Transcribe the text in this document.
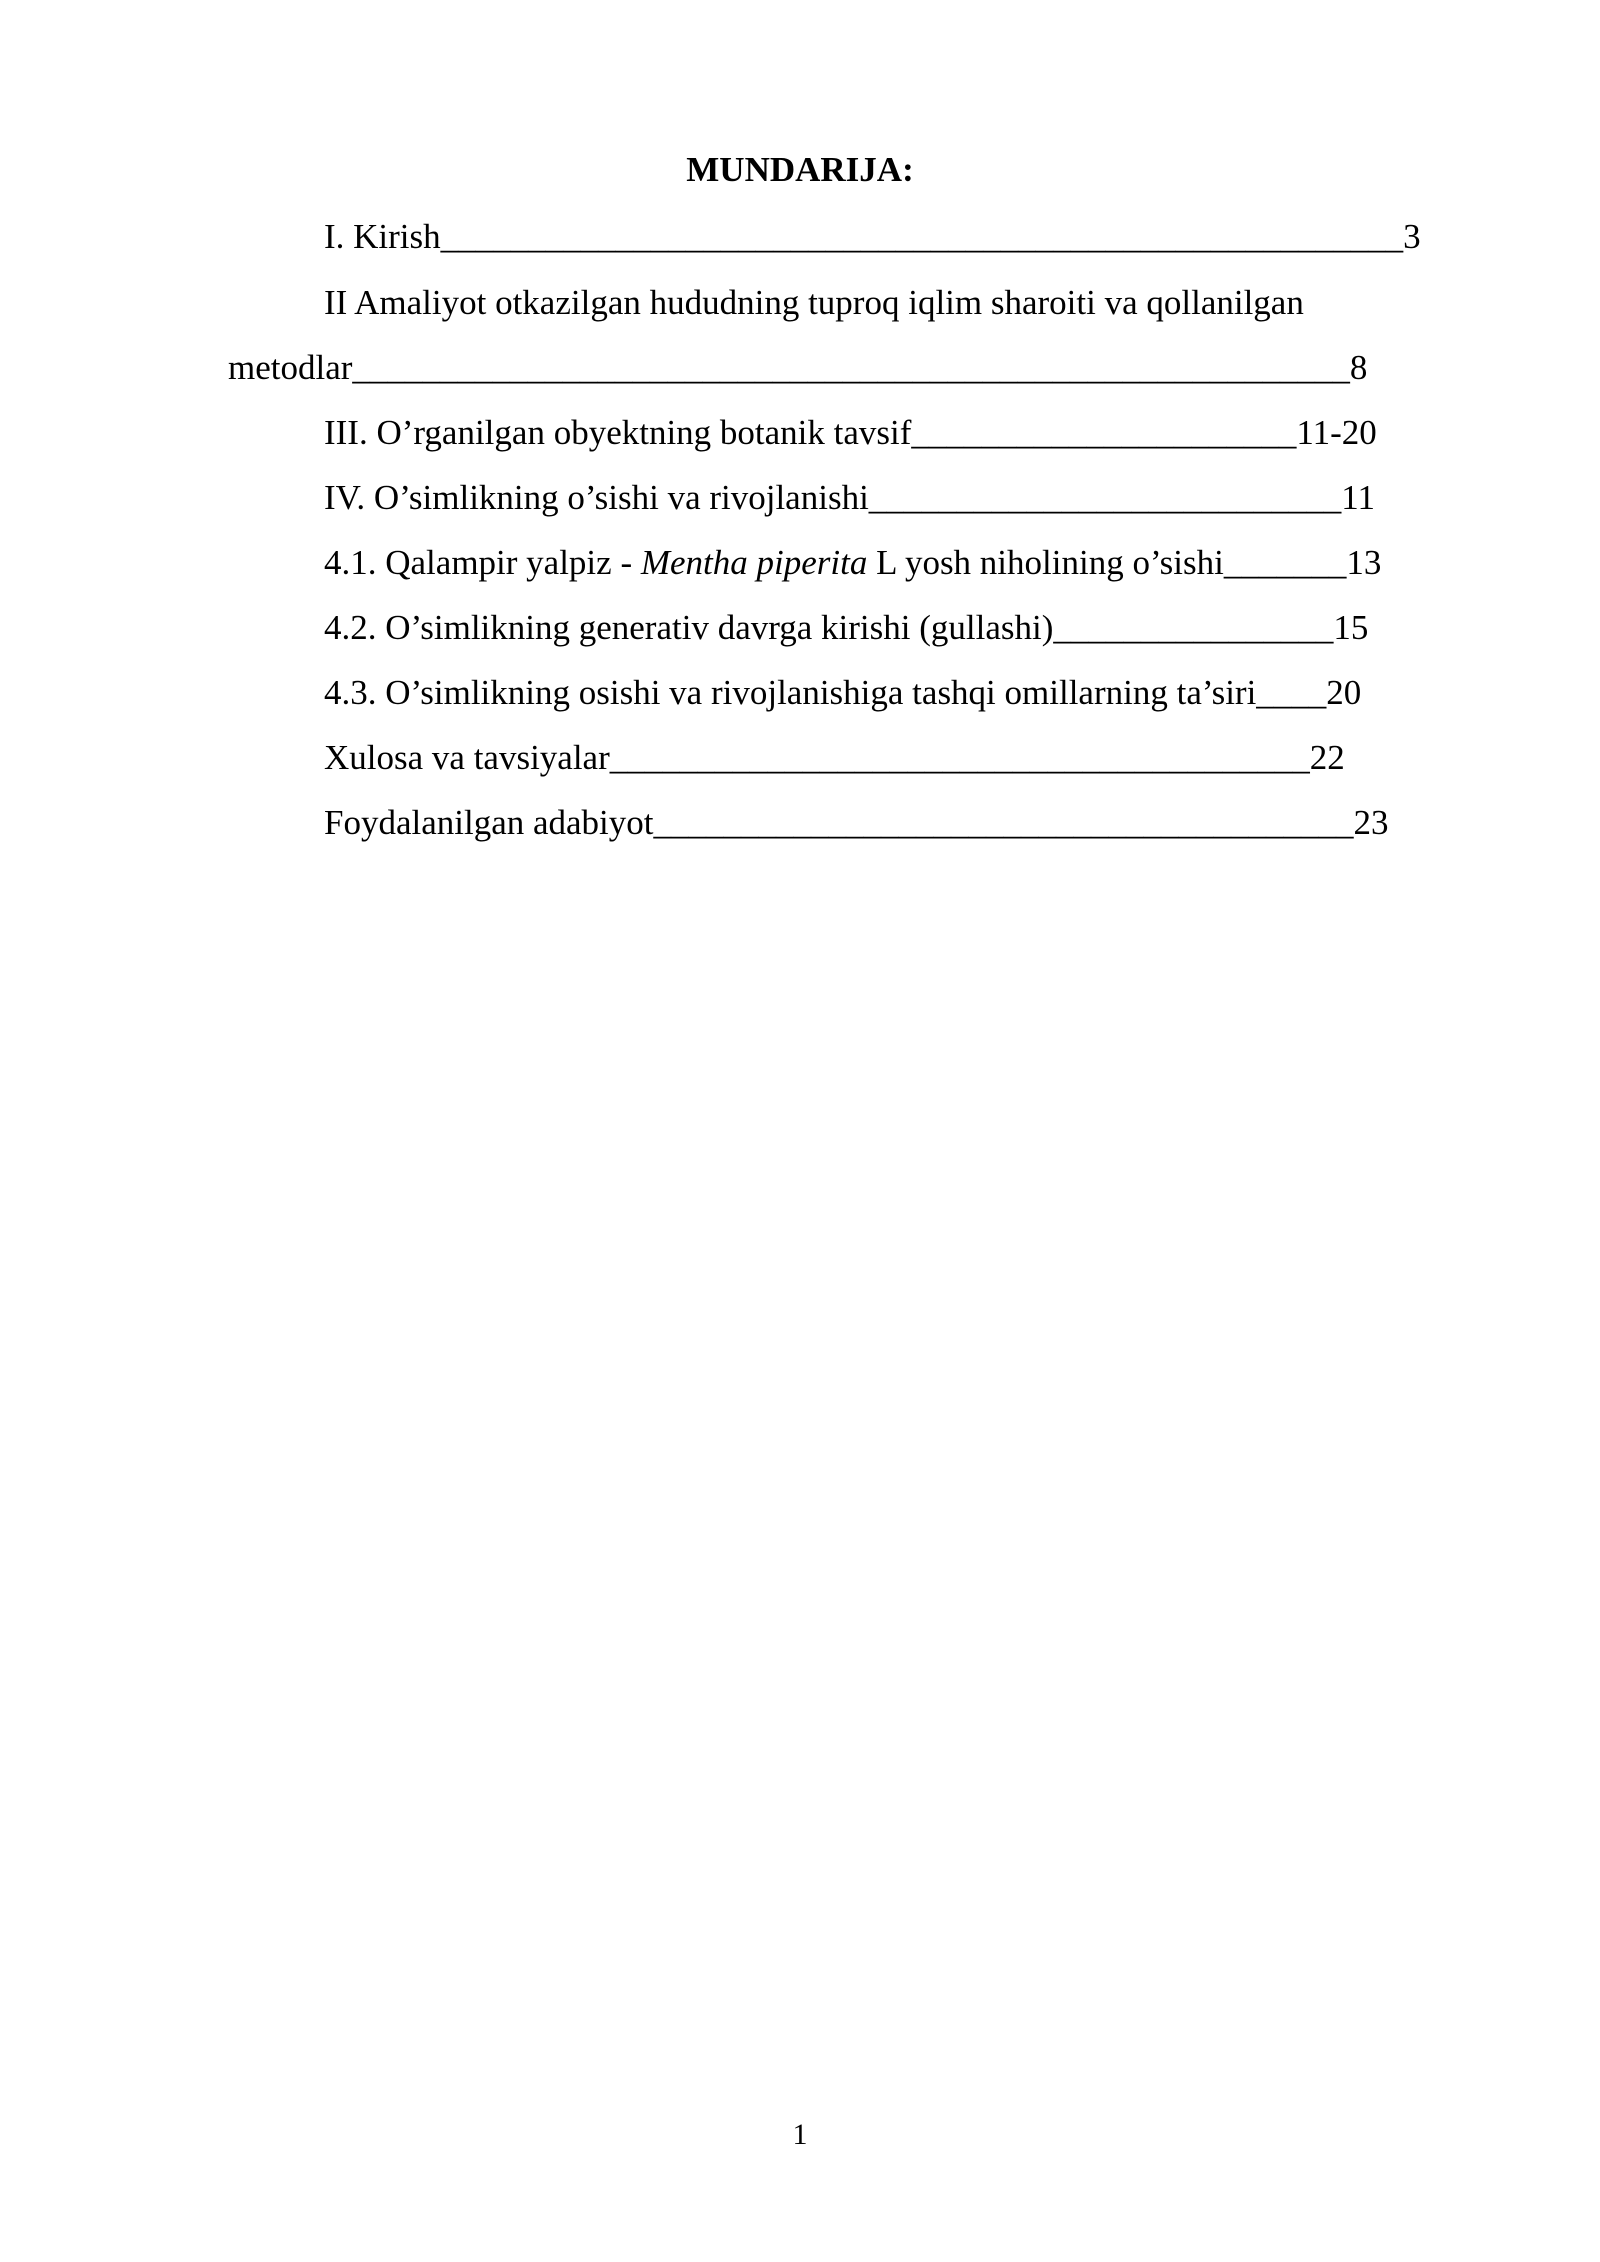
MUNDARIJA:
I. Kirish_______________________________________________________3
II Amaliyot otkazilgan hududning tuproq iqlim sharoiti va qollanilgan
metodlar_________________________________________________________8
III. O’rganilgan obyektning botanik tavsif______________________11-20
IV. O’simlikning o’sishi va rivojlanishi___________________________11
4.1. Qalampir yalpiz - Mentha piperita L yosh niholining o’sishi_______13
4.2. O’simlikning generativ davrga kirishi (gullashi)________________15
4.3. O’simlikning osishi va rivojlanishiga tashqi omillarning ta’siri____20
Xulosa va tavsiyalar________________________________________22
Foydalanilgan adabiyot________________________________________23
1
